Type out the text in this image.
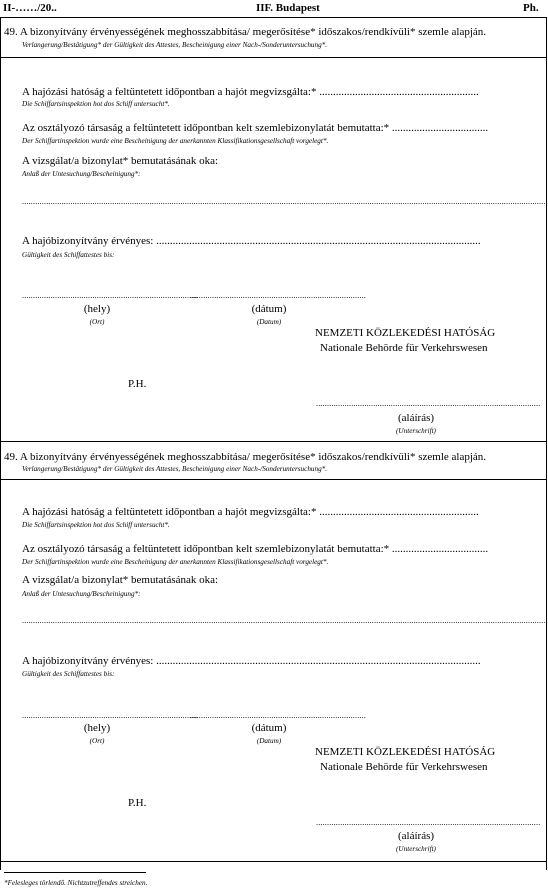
II-……/20..	IIF. Budapest	Ph.
49. A bizonyítvány érvényességének meghosszabbítása/ megerősítése* időszakos/rendkívüli* szemle alapján.
Verlangerung/Bestätigung* der Gültigkeit des Attestes, Bescheinigung einer Nach-/Sonderuntersuchung*.
A hajózási hatóság a feltüntetett időpontban a hajót megvizsgálta:* ..........................................................
Die Schiffartsinspektion hot dos Schiff untersucht*.
Az osztályozó társaság a feltüntetett időpontban kelt szemlebizonylatát bemutatta:* ...................................
Der Schiffartinspektion wurde eine Bescheinigung der anerkannten Klassifikationsgesellschaft vorgelegt*.
A vizsgálat/a bizonylat* bemutatásának oka:
Anlaß der Untesuchung/Bescheinigung*:
...............................................................................................................................................................................................................................................
A hajóbizonyítvány érvényes: ......................................................................................................................
Gültigkeit des Schiffattestes bis:
................................................................................
................................................................................
(hely)
(Ort)
(dátum)
(Datum)
NEMZETI KÖZLEKEDÉSI HATÓSÁG
Nationale Behörde für Verkehrswesen
P.H.
......................................................................................................
(aláírás)
(Unterschrift)
49. A bizonyítvány érvényességének meghosszabbítása/ megerősítése* időszakos/rendkívüli* szemle alapján.
Verlangerung/Bestätigung* der Gültigkeit des Attestes, Bescheinigung einer Nach-/Sonderuntersuchung*.
A hajózási hatóság a feltüntetett időpontban a hajót megvizsgálta:* ..........................................................
Die Schiffartsinspektion hot dos Schiff untersucht*.
Az osztályozó társaság a feltüntetett időpontban kelt szemlebizonylatát bemutatta:* ...................................
Der Schiffartinspektion wurde eine Bescheinigung der anerkannten Klassifikationsgesellschaft vorgelegt*.
A vizsgálat/a bizonylat* bemutatásának oka:
Anlaß der Untesuchung/Bescheinigung*:
...............................................................................................................................................................................................................................................
A hajóbizonyítvány érvényes: ......................................................................................................................
Gültigkeit des Schiffattestes bis:
................................................................................
................................................................................
(hely)
(Ort)
(dátum)
(Datum)
NEMZETI KÖZLEKEDÉSI HATÓSÁG
Nationale Behörde für Verkehrswesen
P.H.
......................................................................................................
(aláírás)
(Unterschrift)
*Felesleges törlendő. Nichtzutreffendes streichen.
